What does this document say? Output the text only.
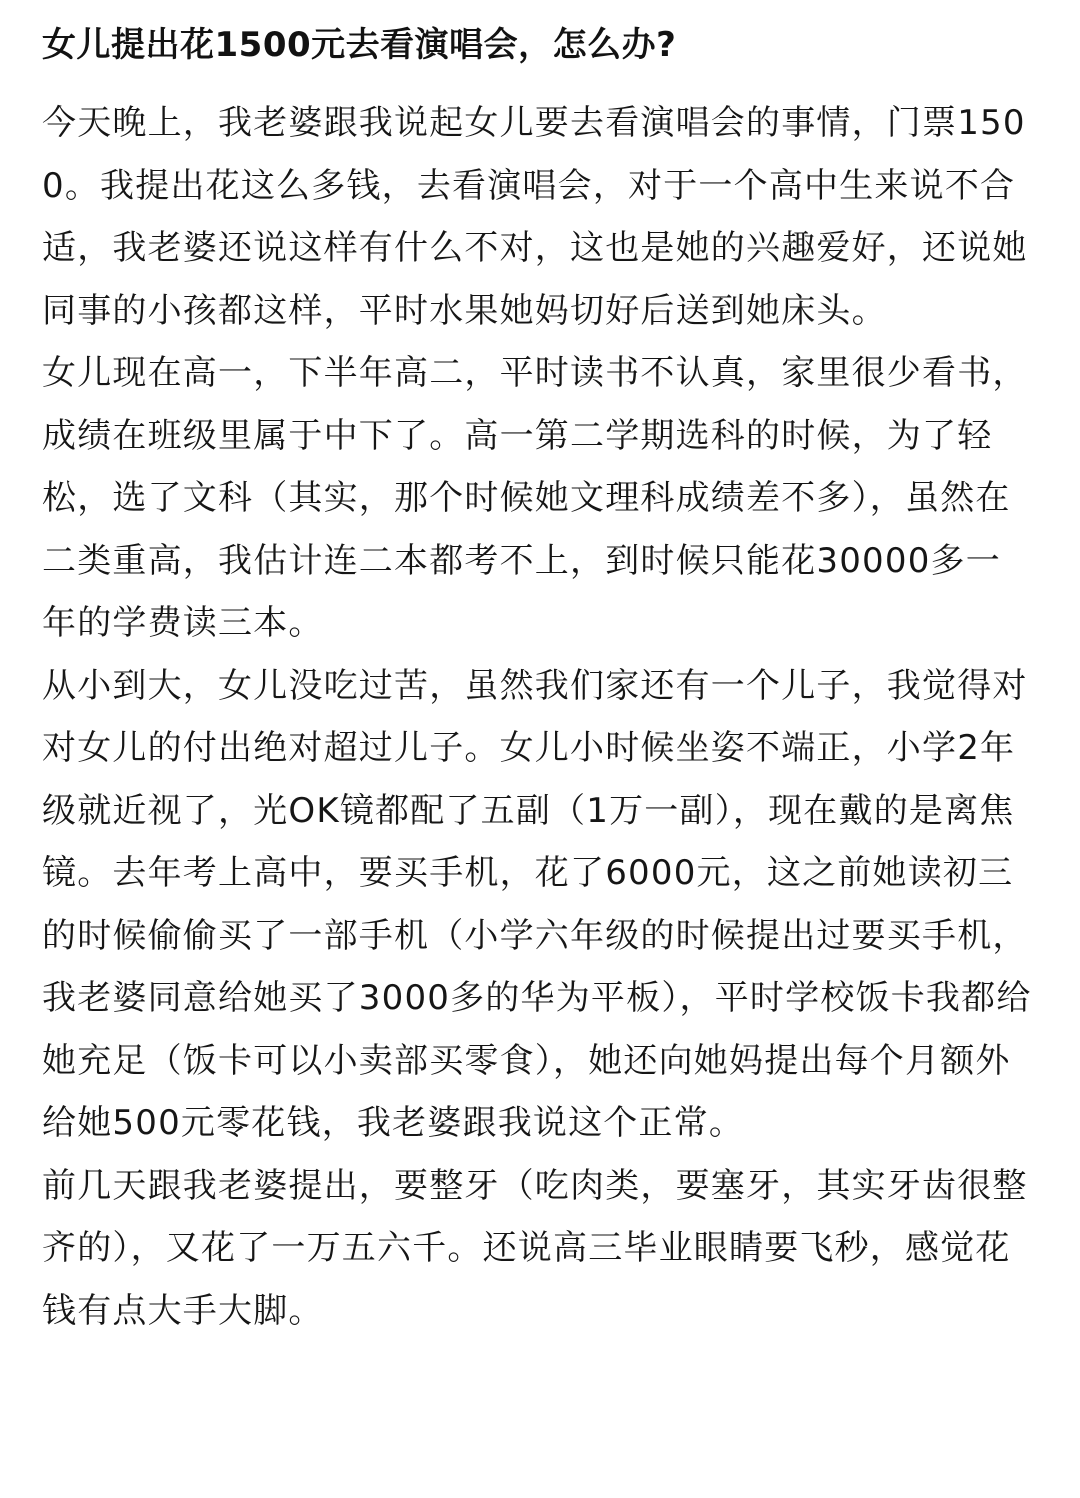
女儿提出花1500元去看演唱会，怎么办?

今天晚上，我老婆跟我说起女儿要去看演唱会的事情，门票1500。我提出花这么多钱，去看演唱会，对于一个高中生来说不合适，我老婆还说这样有什么不对，这也是她的兴趣爱好，还说她同事的小孩都这样，平时水果她妈切好后送到她床头。

女儿现在高一，下半年高二，平时读书不认真，家里很少看书，成绩在班级里属于中下了。高一第二学期选科的时候，为了轻松，选了文科（其实，那个时候她文理科成绩差不多），虽然在二类重高，我估计连二本都考不上，到时候只能花30000多一年的学费读三本。

从小到大，女儿没吃过苦，虽然我们家还有一个儿子，我觉得对对女儿的付出绝对超过儿子。女儿小时候坐姿不端正，小学2年级就近视了，光OK镜都配了五副（1万一副），现在戴的是离焦镜。去年考上高中，要买手机，花了6000元，这之前她读初三的时候偷偷买了一部手机（小学六年级的时候提出过要买手机，我老婆同意给她买了3000多的华为平板），平时学校饭卡我都给她充足（饭卡可以小卖部买零食），她还向她妈提出每个月额外给她500元零花钱，我老婆跟我说这个正常。

前几天跟我老婆提出，要整牙（吃肉类，要塞牙，其实牙齿很整齐的），又花了一万五六千。还说高三毕业眼睛要飞秒，感觉花钱有点大手大脚。
